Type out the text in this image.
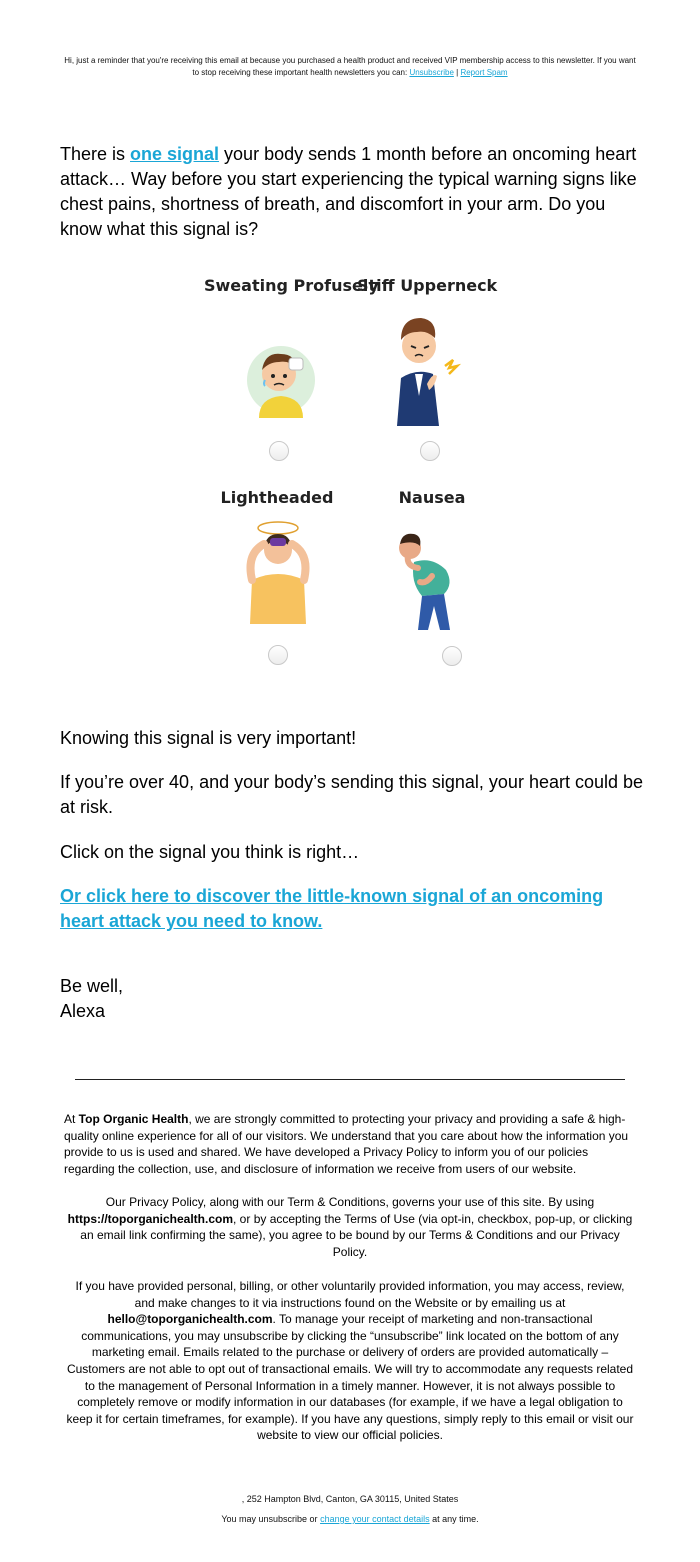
Hi, just a reminder that you're receiving this email at because you purchased a health product and received VIP membership access to this newsletter. If you want to stop receiving these important health newsletters you can: Unsubscribe | Report Spam
There is one signal your body sends 1 month before an oncoming heart attack… Way before you start experiencing the typical warning signs like chest pains, shortness of breath, and discomfort in your arm. Do you know what this signal is?
Sweating Profusely
Stiff Upperneck
Lightheaded	Nausea
Knowing this signal is very important!
If you’re over 40, and your body’s sending this signal, your heart could be at risk.
Click on the signal you think is right…
Or click here to discover the little-known signal of an oncoming heart attack you need to know.
Be well,
Alexa
At Top Organic Health, we are strongly committed to protecting your privacy and providing a safe & high-quality online experience for all of our visitors. We understand that you care about how the information you provide to us is used and shared. We have developed a Privacy Policy to inform you of our policies regarding the collection, use, and disclosure of information we receive from users of our website.
Our Privacy Policy, along with our Term & Conditions, governs your use of this site. By using https://toporganichealth.com, or by accepting the Terms of Use (via opt-in, checkbox, pop-up, or clicking an email link confirming the same), you agree to be bound by our Terms & Conditions and our Privacy Policy.
If you have provided personal, billing, or other voluntarily provided information, you may access, review, and make changes to it via instructions found on the Website or by emailing us at hello@toporganichealth.com. To manage your receipt of marketing and non-transactional communications, you may unsubscribe by clicking the “unsubscribe” link located on the bottom of any marketing email. Emails related to the purchase or delivery of orders are provided automatically – Customers are not able to opt out of transactional emails. We will try to accommodate any requests related to the management of Personal Information in a timely manner. However, it is not always possible to completely remove or modify information in our databases (for example, if we have a legal obligation to keep it for certain timeframes, for example). If you have any questions, simply reply to this email or visit our website to view our official policies.
, 252 Hampton Blvd, Canton, GA 30115, United States
You may unsubscribe or change your contact details at any time.
